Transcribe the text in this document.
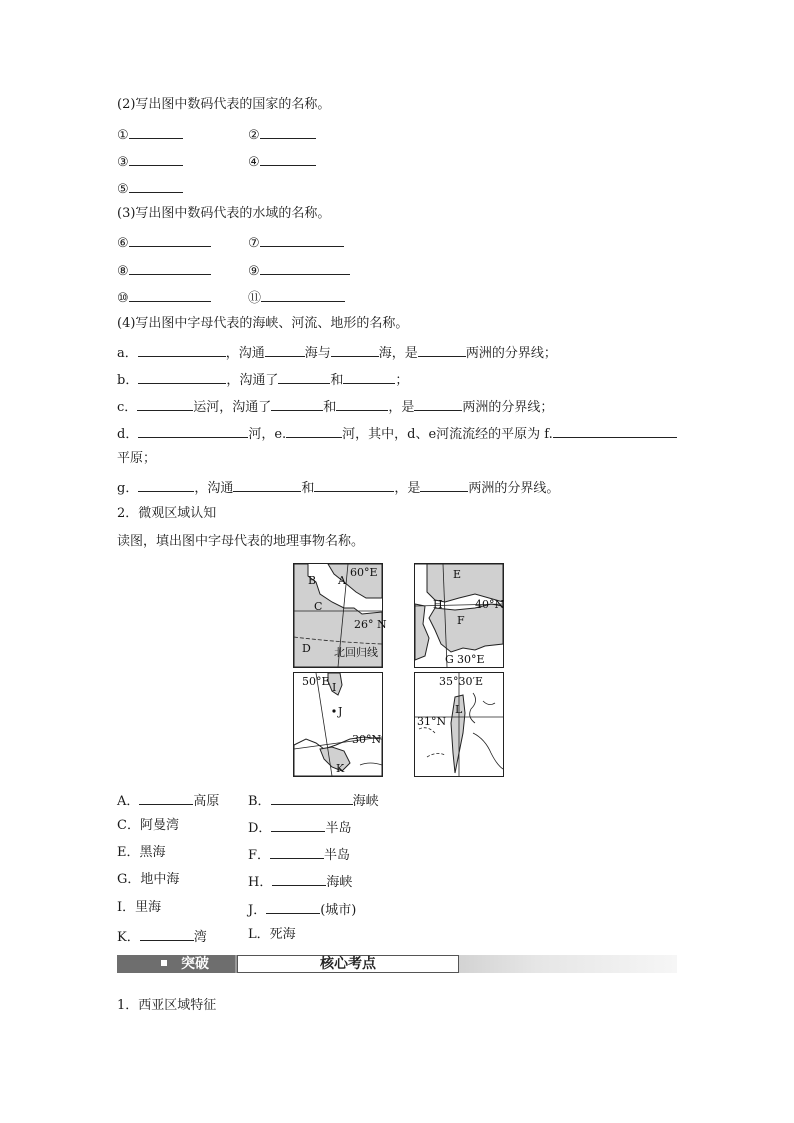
(2)写出图中数码代表的国家的名称。
①	②
③	④
⑤
(3)写出图中数码代表的水域的名称。
⑥	⑦
⑧	⑨
⑩	⑪
(4)写出图中字母代表的海峡、河流、地形的名称。
a．	，沟通	海与	海，是	两洲的分界线；
b．	，沟通了	和	；
c．	运河，沟通了	和	，是	两洲的分界线；
d．	河，e.	河，其中，d、e河流流经的平原为 f.
平原；
g．	，沟通	和	，是	两洲的分界线。
2．微观区域认知
读图，填出图中字母代表的地理事物名称。
60°E
A
B
C
26° N
D 北回归线
E
H	40°N
F
G 30°E
50°E I
J
30°N
K
35°30′E
31°N
L
A．	高原 B．	海峡
C．阿曼湾	D．	半岛
E．黑海	F．	半岛
G．地中海	H．	海峡
I．里海	J．	(城市)
K．	湾	L．死海
突破	核心考点
1．西亚区域特征
